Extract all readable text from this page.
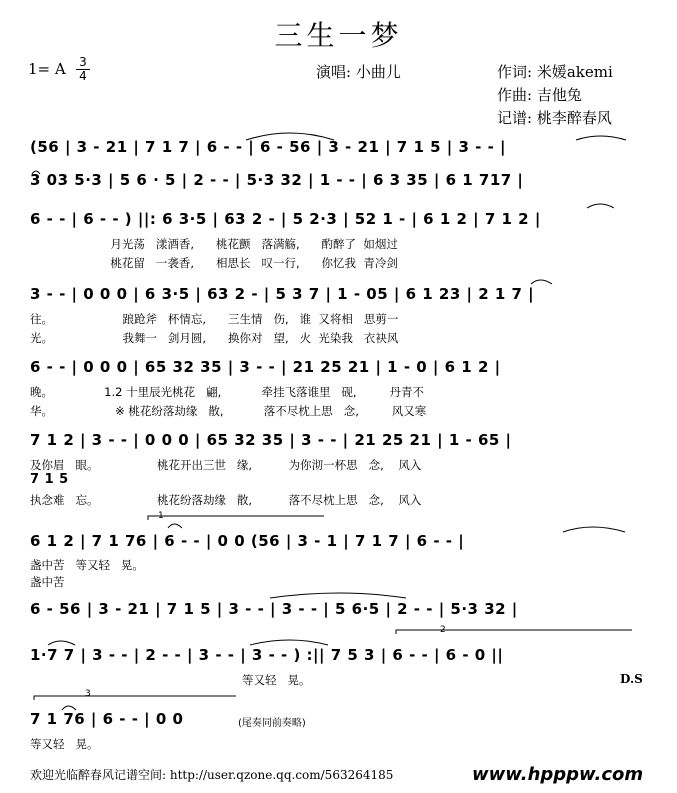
三生一梦
1= A 3
4	演唱: 小曲儿	作词: 米媛akemi
作曲: 吉他兔
记谱: 桃李醉春风
(56 | 3 - 21 | 7 1 7 | 6 - - | 6 - 56 | 3 - 21 | 7 1 5 | 3 - - |
3 03 5·3 | 5 6 · 5 | 2 - - | 5·3 32 | 1 - - | 6 3 35 | 6 1 717 |
6 - - | 6 - - ) ||: 6 3·5 | 63 2 - | 5 2·3 | 52 1 - | 6 1 2 | 7 1 2 |
月光荡   漾酒香,      桃花颤   落满觞,      酌醉了  如烟过
桃花留   一袭香,      相思长   叹一行,      你忆我  青冷剑
3 - - | 0 0 0 | 6 3·5 | 63 2 - | 5 3 7 | 1 - 05 | 6 1 23 | 2 1 7 |
往。                   踉跄斧   杯情忘,      三生情   伤,   谁  又将相   思剪一
光。                   我舞一   剑月圆,      换你对   望,   火  光染我   衣袂风
6 - - | 0 0 0 | 65 32 35 | 3 - - | 21 25 21 | 1 - 0 | 6 1 2 |
晚。              1.2 十里辰光桃花   翩,           牵挂飞落谁里   砚,         丹青不
华。                 ※ 桃花纷落劫缘   散,           落不尽枕上思   念,         风又寒
7 1 2 | 3 - - | 0 0 0 | 65 32 35 | 3 - - | 21 25 21 | 1 - 65 |
及你眉   眼。                桃花开出三世   缘,          为你沏一杯思   念,    风入
7 1 5
执念难   忘。                桃花纷落劫缘   散,          落不尽枕上思   念,    风入
6 1 2 | 7 1 76 | 6 - - | 0 0 (56 | 3 - 1 | 7 1 7 | 6 - - |
盏中苦   等又轻   晃。
盏中苦
6 - 56 | 3 - 21 | 7 1 5 | 3 - - | 3 - - | 5 6·5 | 2 - - | 5·3 32 |
1·7 7 | 3 - - | 2 - - | 3 - - | 3 - - ) :|| 7 5 3 | 6 - - | 6 - 0 ||
等又轻   晃。	D.S
7 1 76 | 6 - - | 0 0	(尾奏同前奏略)
等又轻   晃。
1
2
3
欢迎光临醉春风记谱空间: http://user.qzone.qq.com/563264185	www.hpppw.com
